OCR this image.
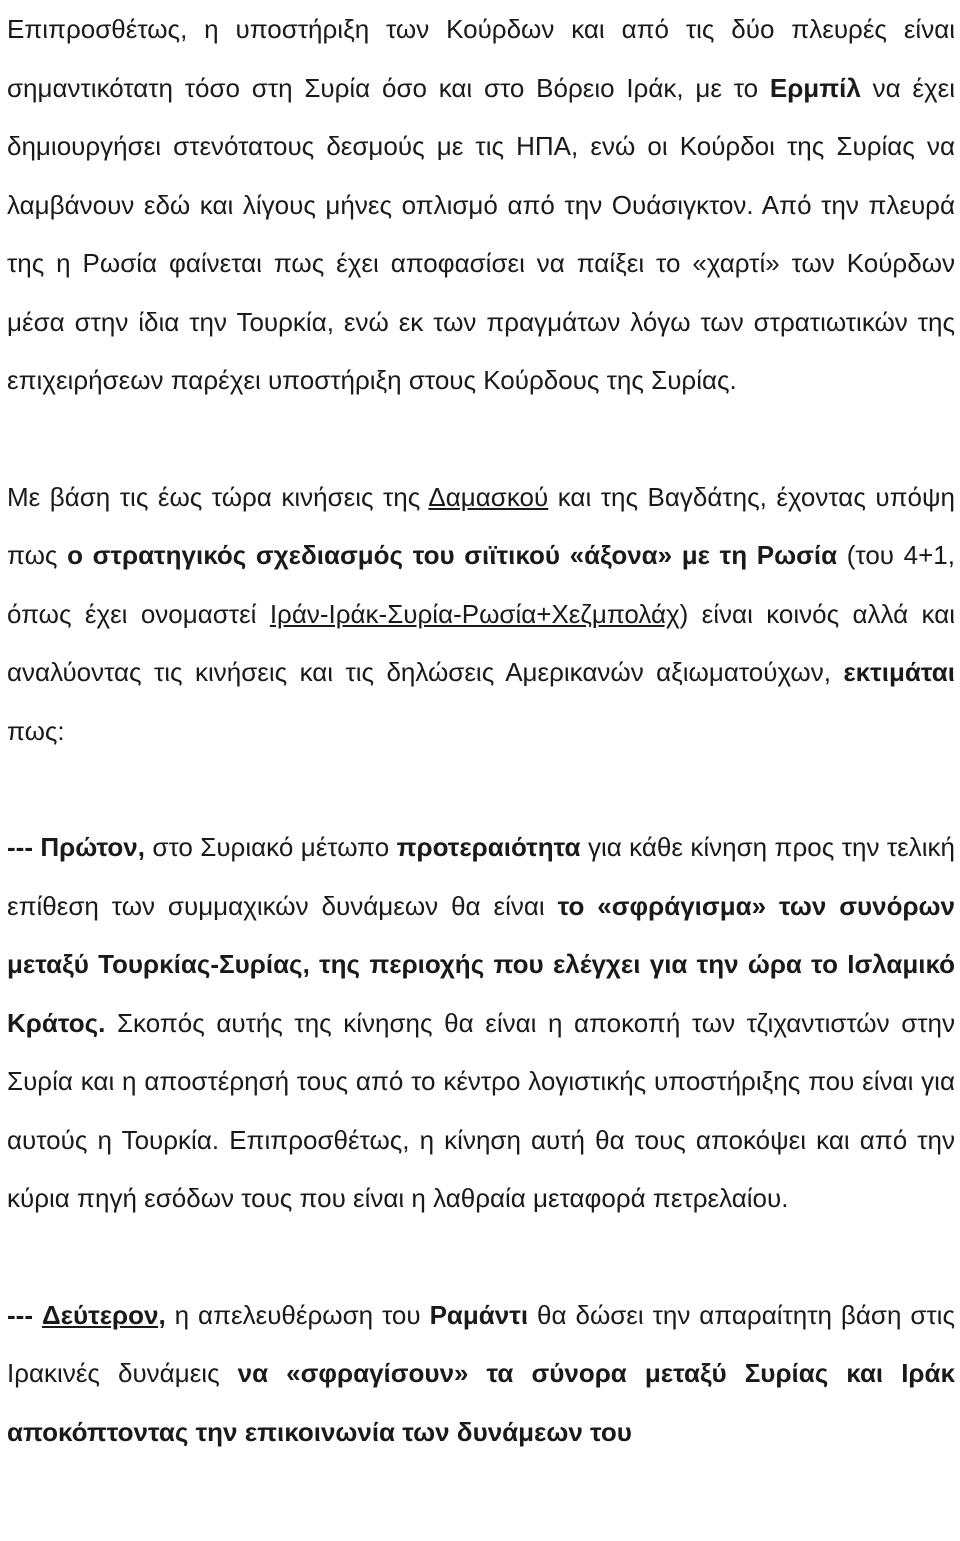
Επιπροσθέτως, η υποστήριξη των Κούρδων και από τις δύο πλευρές είναι σημαντικότατη τόσο στη Συρία όσο και στο Βόρειο Ιράκ, με το Ερμπίλ να έχει δημιουργήσει στενότατους δεσμούς με τις ΗΠΑ, ενώ οι Κούρδοι της Συρίας να λαμβάνουν εδώ και λίγους μήνες οπλισμό από την Ουάσιγκτον. Από την πλευρά της η Ρωσία φαίνεται πως έχει αποφασίσει να παίξει το «χαρτί» των Κούρδων μέσα στην ίδια την Τουρκία, ενώ εκ των πραγμάτων λόγω των στρατιωτικών της επιχειρήσεων παρέχει υποστήριξη στους Κούρδους της Συρίας.

Με βάση τις έως τώρα κινήσεις της Δαμασκού και της Βαγδάτης, έχοντας υπόψη πως ο στρατηγικός σχεδιασμός του σιϊτικού «άξονα» με τη Ρωσία (του 4+1, όπως έχει ονομαστεί Ιράν-Ιράκ-Συρία-Ρωσία+Χεζμπολάχ) είναι κοινός αλλά και αναλύοντας τις κινήσεις και τις δηλώσεις Αμερικανών αξιωματούχων, εκτιμάται πως:

--- Πρώτον, στο Συριακό μέτωπο προτεραιότητα για κάθε κίνηση προς την τελική επίθεση των συμμαχικών δυνάμεων θα είναι το «σφράγισμα» των συνόρων μεταξύ Τουρκίας-Συρίας, της περιοχής που ελέγχει για την ώρα το Ισλαμικό Κράτος. Σκοπός αυτής της κίνησης θα είναι η αποκοπή των τζιχαντιστών στην Συρία και η αποστέρησή τους από το κέντρο λογιστικής υποστήριξης που είναι για αυτούς η Τουρκία. Επιπροσθέτως, η κίνηση αυτή θα τους αποκόψει και από την κύρια πηγή εσόδων τους που είναι η λαθραία μεταφορά πετρελαίου.

--- Δεύτερον, η απελευθέρωση του Ραμάντι θα δώσει την απαραίτητη βάση στις Ιρακινές δυνάμεις να «σφραγίσουν» τα σύνορα μεταξύ Συρίας και Ιράκ αποκόπτοντας την επικοινωνία των δυνάμεων του
